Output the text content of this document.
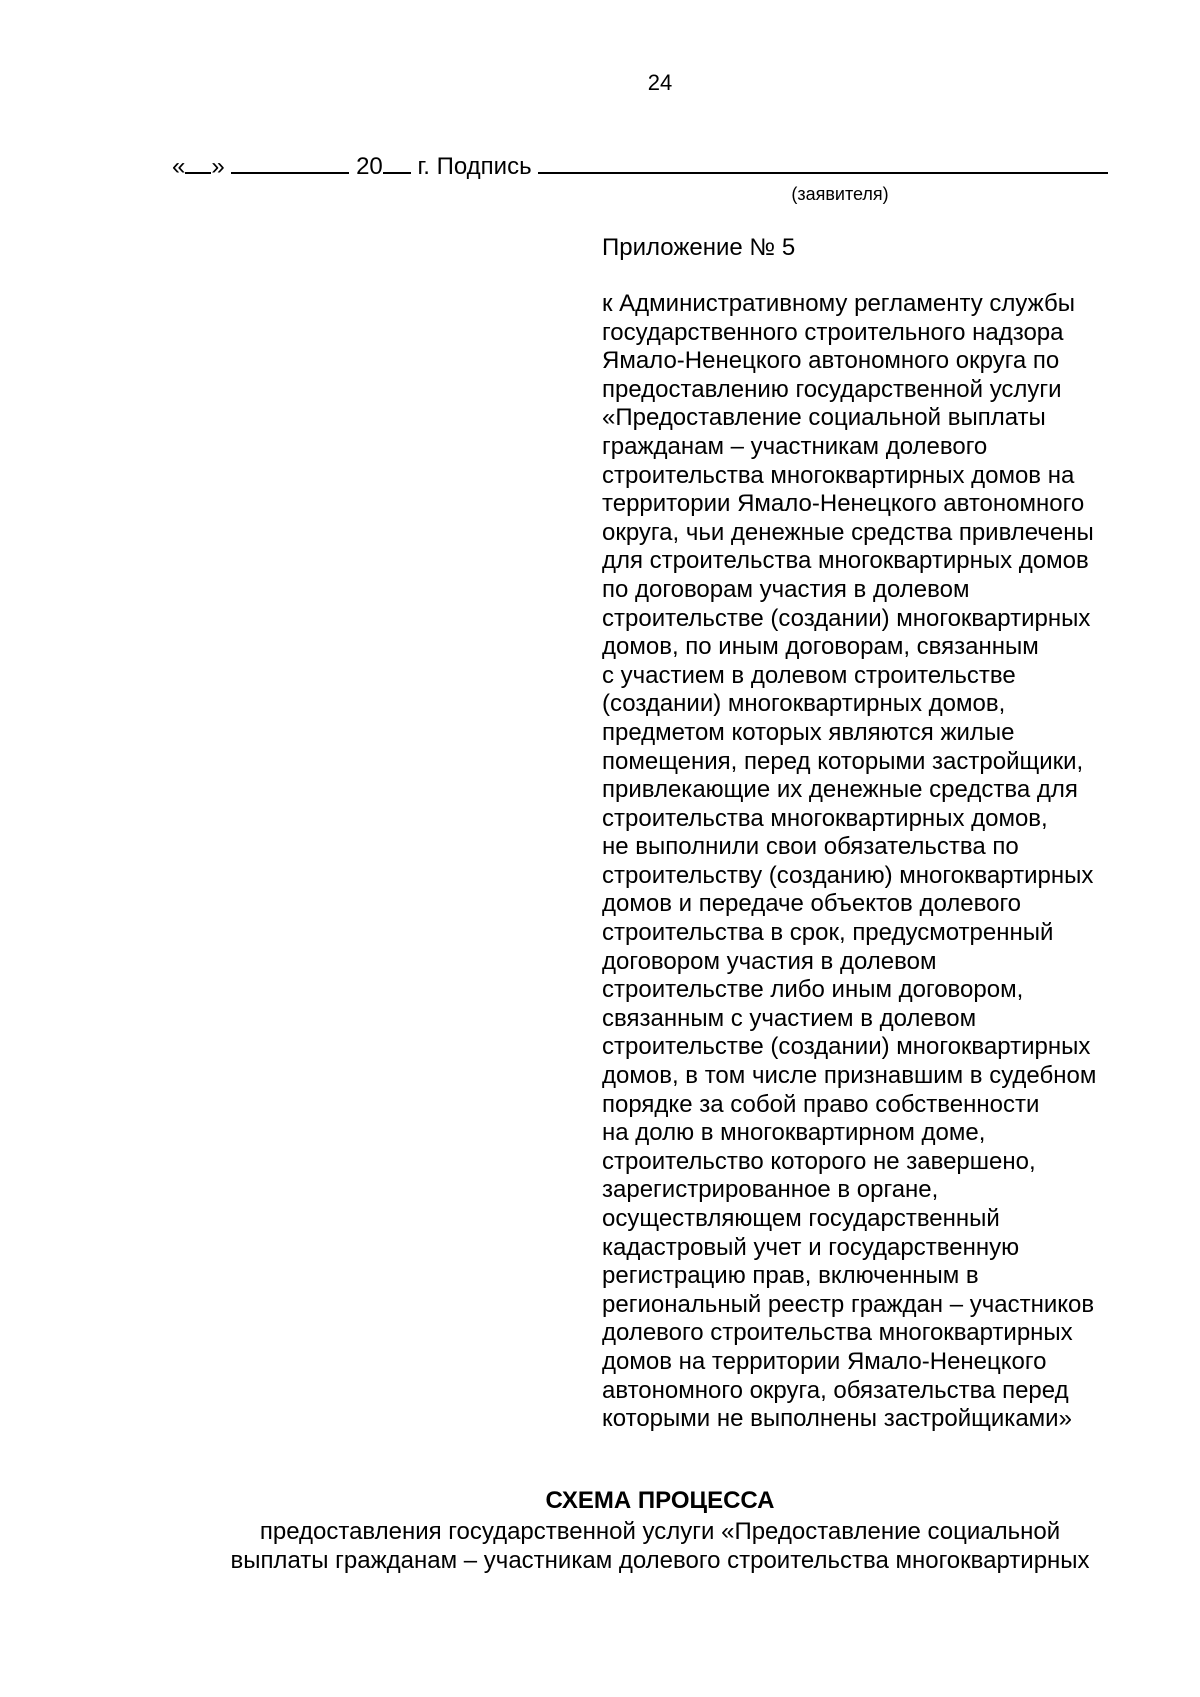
24
« »	20 г. Подпись
(заявителя)
Приложение № 5
к Административному регламенту службы
государственного строительного надзора
Ямало-Ненецкого автономного округа по
предоставлению государственной услуги
«Предоставление социальной выплаты
гражданам – участникам долевого
строительства многоквартирных домов на
территории Ямало-Ненецкого автономного
округа, чьи денежные средства привлечены
для строительства многоквартирных домов
по договорам участия в долевом
строительстве (создании) многоквартирных
домов, по иным договорам, связанным
с участием в долевом строительстве
(создании) многоквартирных домов,
предметом которых являются жилые
помещения, перед которыми застройщики,
привлекающие их денежные средства для
строительства многоквартирных домов,
не выполнили свои обязательства по
строительству (созданию) многоквартирных
домов и передаче объектов долевого
строительства в срок, предусмотренный
договором участия в долевом
строительстве либо иным договором,
связанным с участием в долевом
строительстве (создании) многоквартирных
домов, в том числе признавшим в судебном
порядке за собой право собственности
на долю в многоквартирном доме,
строительство которого не завершено,
зарегистрированное в органе,
осуществляющем государственный
кадастровый учет и государственную
регистрацию прав, включенным в
региональный реестр граждан – участников
долевого строительства многоквартирных
домов на территории Ямало-Ненецкого
автономного округа, обязательства перед
которыми не выполнены застройщиками»
СХЕМА ПРОЦЕССА
предоставления государственной услуги «Предоставление социальной
выплаты гражданам – участникам долевого строительства многоквартирных
